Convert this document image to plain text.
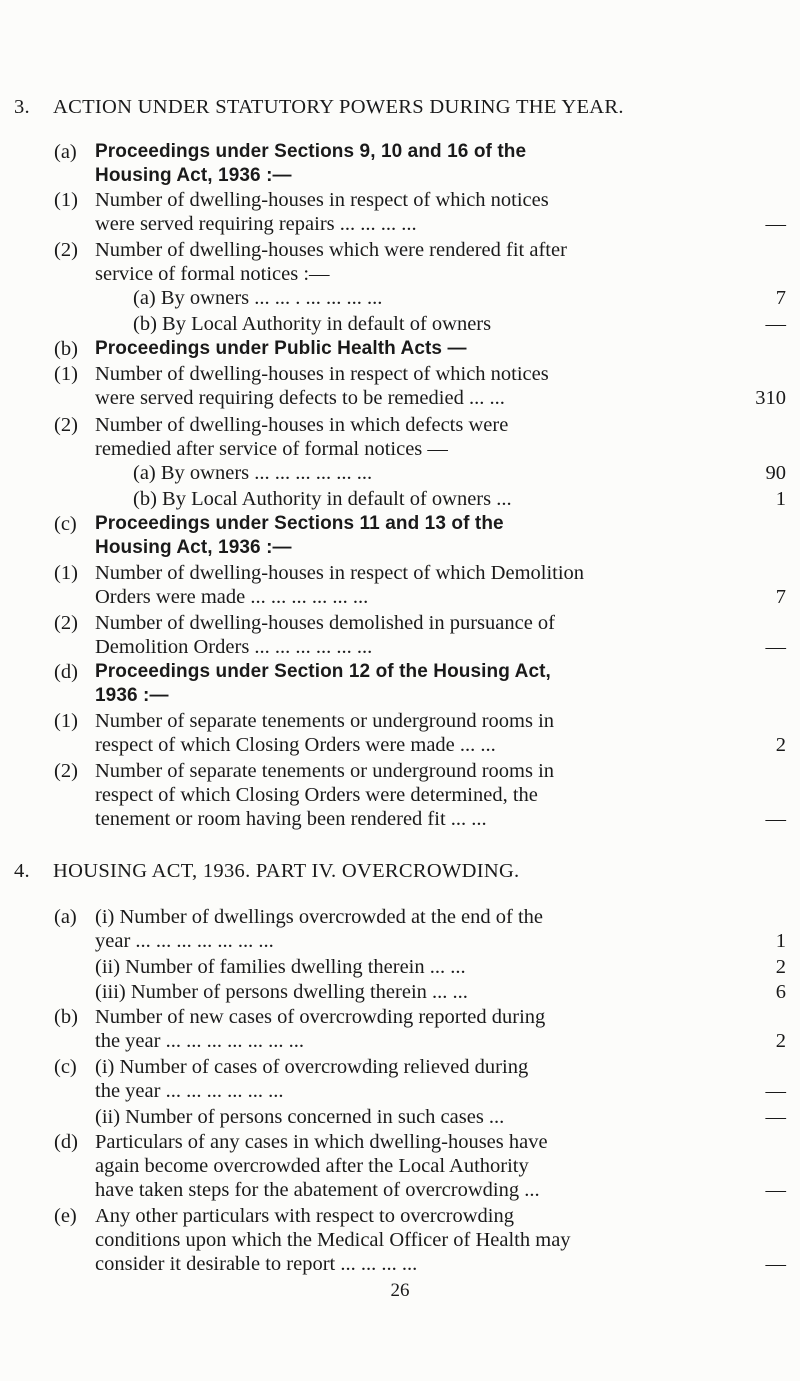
3. ACTION UNDER STATUTORY POWERS DURING THE YEAR.
(a) Proceedings under Sections 9, 10 and 16 of the
Housing Act, 1936 :—
(1) Number of dwelling-houses in respect of which notices
were served requiring repairs ... ... ... ...	—
(2) Number of dwelling-houses which were rendered fit after
service of formal notices :—
(a) By owners ... ... . ... ... ... ...	7
(b) By Local Authority in default of owners	—
(b) Proceedings under Public Health Acts —
(1) Number of dwelling-houses in respect of which notices
were served requiring defects to be remedied ... ...	310
(2) Number of dwelling-houses in which defects were
remedied after service of formal notices —
(a) By owners ... ... ... ... ... ...	90
(b) By Local Authority in default of owners ...	1
(c) Proceedings under Sections 11 and 13 of the
Housing Act, 1936 :—
(1) Number of dwelling-houses in respect of which Demolition
Orders were made ... ... ... ... ... ...	7
(2) Number of dwelling-houses demolished in pursuance of
Demolition Orders ... ... ... ... ... ...	—
(d) Proceedings under Section 12 of the Housing Act,
1936 :—
(1) Number of separate tenements or underground rooms in
respect of which Closing Orders were made ... ...	2
(2) Number of separate tenements or underground rooms in
respect of which Closing Orders were determined, the
tenement or room having been rendered fit ... ...	—
4. HOUSING ACT, 1936. PART IV. OVERCROWDING.
(a) (i) Number of dwellings overcrowded at the end of the
year ... ... ... ... ... ... ...	1
(ii) Number of families dwelling therein ... ...	2
(iii) Number of persons dwelling therein ... ...	6
(b) Number of new cases of overcrowding reported during
the year ... ... ... ... ... ... ...	2
(c) (i) Number of cases of overcrowding relieved during
the year ... ... ... ... ... ...	—
(ii) Number of persons concerned in such cases ...	—
(d) Particulars of any cases in which dwelling-houses have
again become overcrowded after the Local Authority
have taken steps for the abatement of overcrowding ...	—
(e) Any other particulars with respect to overcrowding
conditions upon which the Medical Officer of Health may
consider it desirable to report ... ... ... ...	—
26
